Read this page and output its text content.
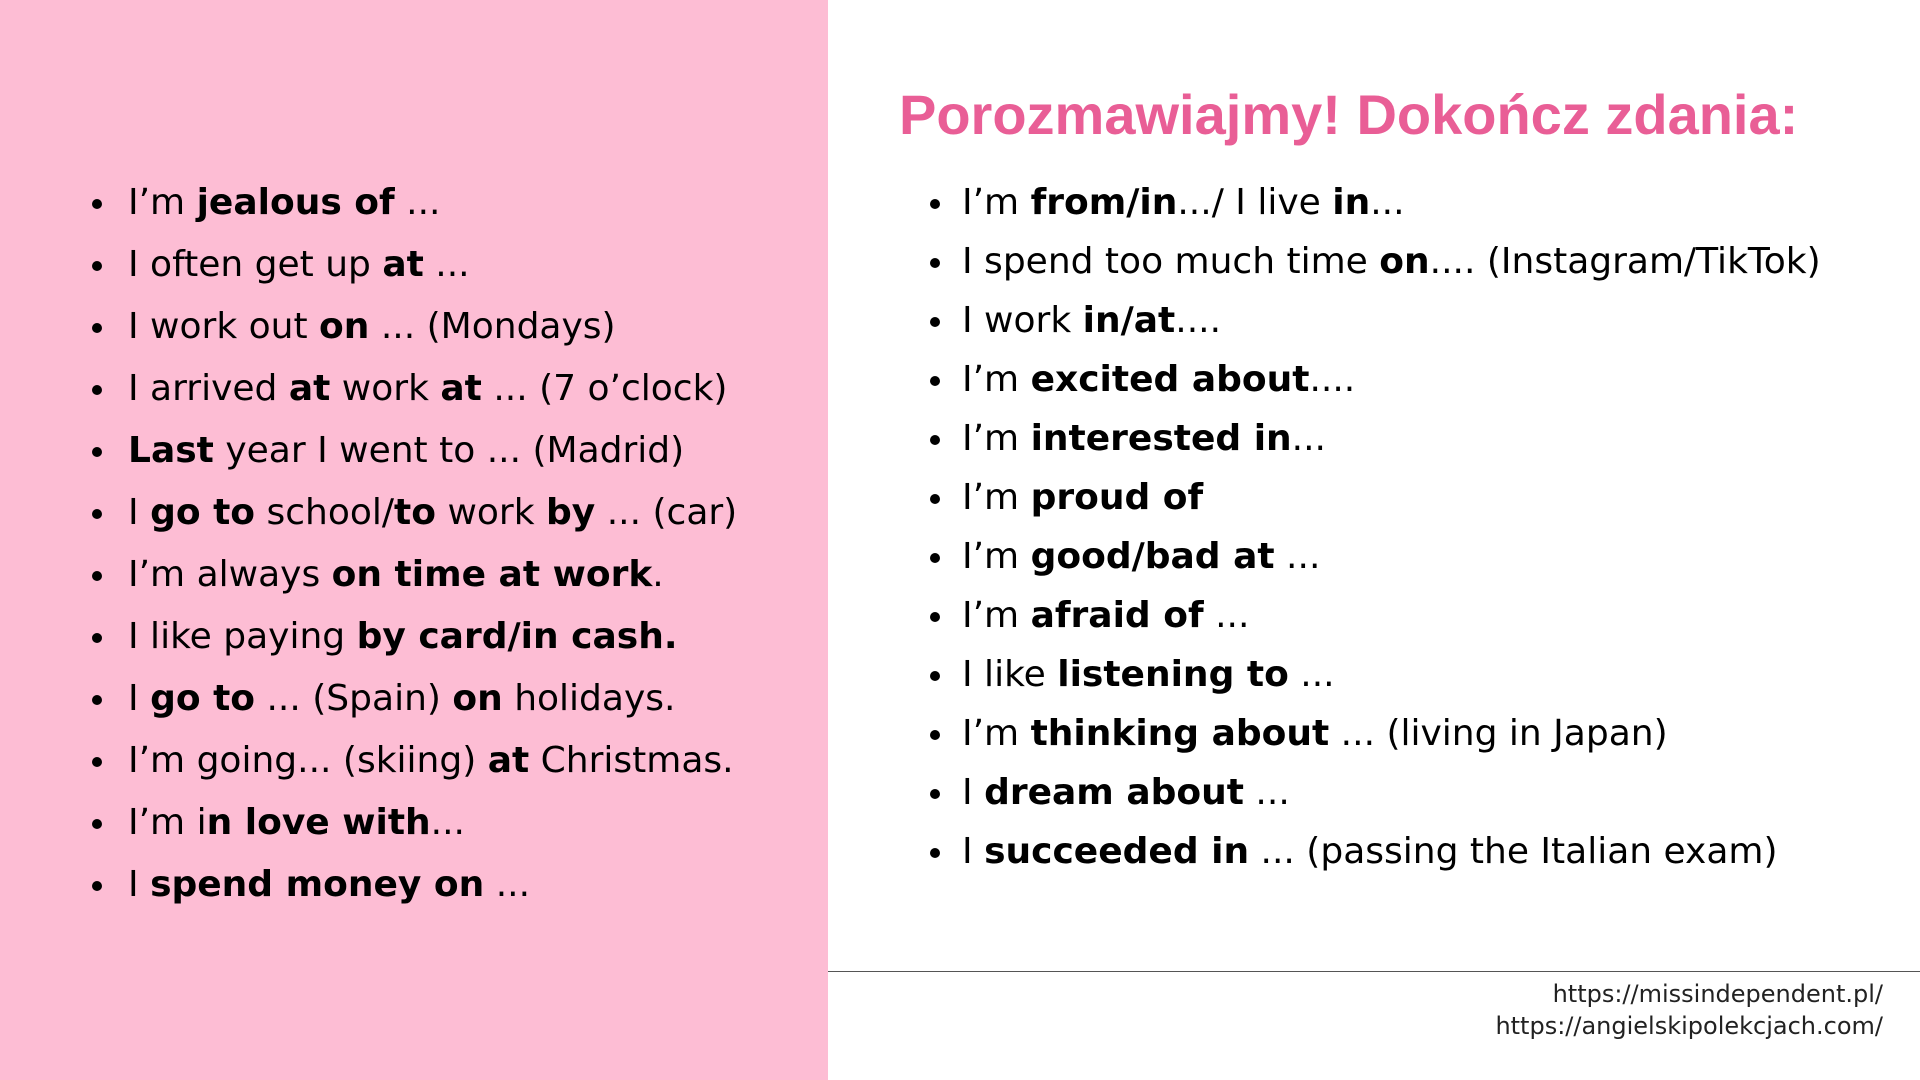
I’m jealous of ...
I often get up at ...
I work out on ... (Mondays)
I arrived at work at ... (7 o’clock)
Last year I went to ... (Madrid)
I go to school/to work by ... (car)
I’m always on time at work.
I like paying by card/in cash.
I go to ... (Spain) on holidays.
I’m going... (skiing) at Christmas.
I’m in love with...
I spend money on ...
Porozmawiajmy! Dokończ zdania:
I’m from/in.../ I live in...
I spend too much time on.... (Instagram/TikTok)
I work in/at....
I’m excited about....
I’m interested in...
I’m proud of
I’m good/bad at ...
I’m afraid of ...
I like listening to ...
I’m thinking about ... (living in Japan)
I dream about ...
I succeeded in ... (passing the Italian exam)
https://missindependent.pl/
https://angielskipolekcjach.com/
